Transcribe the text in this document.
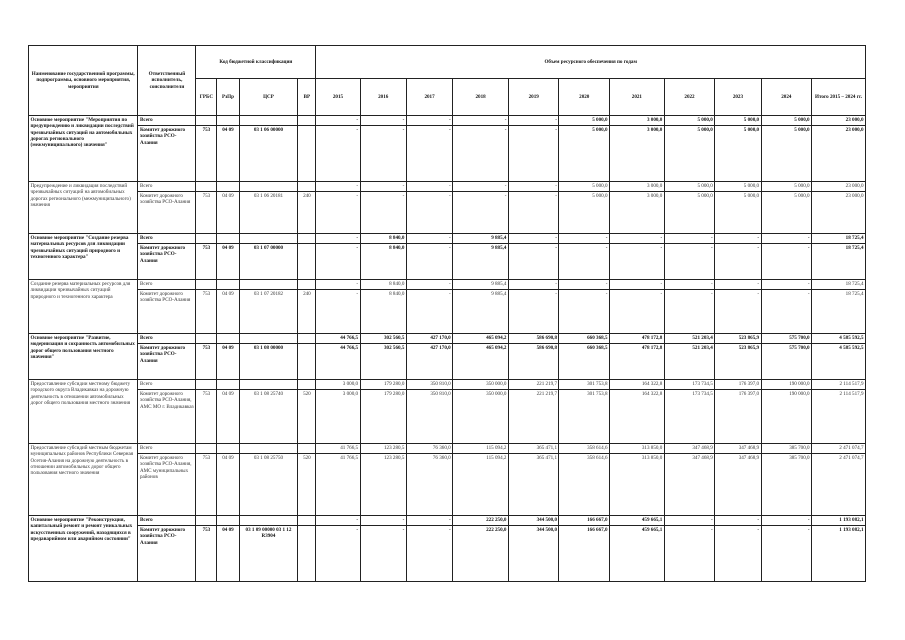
Наименование государственной программы, подпрограммы, основного мероприятия, мероприятия	Ответственный исполнитель, соисполнители	Код бюджетной классификации				Объем ресурсного обеспечения по годам										
		ГРБС	РзПр	ЦСР	ВР	2015	2016	2017	2018	2019	2020	2021	2022	2023	2024	Итого 2015 – 2024 гг.
Основное мероприятие "Мероприятия по предупреждению и ликвидации последствий чрезвычайных ситуаций на автомобильных дорогах регионального (межмуниципального) значения"	Всего					-	-	-	-	-	5 000,0	3 000,0	5 000,0	5 000,0	5 000,0	23 000,0
	Комитет дорожного хозяйства РСО-Алания	753	04 09	03 1 06 00000		-	-	-	-	-	5 000,0	3 000,0	5 000,0	5 000,0	5 000,0	23 000,0
Предупреждение и ликвидация последствий чрезвычайных ситуаций на автомобильных дорогах регионального (межмуниципального) значения	Всего					-	-	-	-	-	5 000,0	3 000,0	5 000,0	5 000,0	5 000,0	23 000,0
	Комитет дорожного хозяйства РСО-Алания	753	04 09	03 1 06 20181	240	-	-	-	-	-	5 000,0	3 000,0	5 000,0	5 000,0	5 000,0	23 000,0
Основное мероприятие "Создание резерва материальных ресурсов для ликвидации чрезвычайных ситуаций природного и техногенного характера"	Всего					-	8 840,0	-	9 885,4	-	-	-	-	-	-	18 725,4
	Комитет дорожного хозяйства РСО-Алания	753	04 09	03 1 07 00000		-	8 840,0	-	9 885,4	-	-	-	-	-	-	18 725,4
Создание резерва материальных ресурсов для ликвидации чрезвычайных ситуаций природного и техногенного характера	Всего					-	8 840,0	-	9 885,4	-	-	-	-	-	-	18 725,4
	Комитет дорожного хозяйства РСО-Алания	753	04 09	03 1 07 20182	240	-	8 840,0	-	9 885,4	-	-	-	-	-	-	18 725,4
Основное мероприятие "Развитие, модернизация и сохранность автомобильных дорог общего пользования местного значения"	Всего					44 766,5	302 560,5	427 170,0	465 094,2	586 690,8	660 368,5	478 172,8	521 203,4	523 865,9	575 700,0	4 585 592,5
	Комитет дорожного хозяйства РСО-Алания	753	04 09	03 1 08 00000		44 766,5	302 560,5	427 170,0	465 094,2	586 690,8	660 368,5	478 172,8	521 203,4	523 865,9	575 700,0	4 585 592,5
Предоставление субсидии местному бюджету городского округа Владикавказ на дорожную деятельность в отношении автомобильных дорог общего пользования местного значения	Всего					3 000,0	179 280,0	350 810,0	350 000,0	221 219,7	301 753,8	164 322,8	173 734,5	176 397,0	190 000,0	2 114 517,9
	Комитет дорожного хозяйства РСО-Алания, АМС МО г. Владикавказ	753	04 09	03 1 08 25740	520	3 000,0	179 280,0	350 810,0	350 000,0	221 219,7	301 753,8	164 322,8	173 734,5	176 397,0	190 000,0	2 114 517,9
Предоставление субсидий местным бюджетам муниципальных районов Республики Северная Осетия-Алания на дорожную деятельность в отношении автомобильных дорог общего пользования местного значения	Всего					41 766,5	123 280,5	76 360,0	115 094,2	365 471,1	358 614,6	313 850,0	347 468,9	347 468,9	385 700,0	2 471 074,7
	Комитет дорожного хозяйства РСО-Алания, АМС муниципальных районов	753	04 09	03 1 08 25750	520	41 766,5	123 280,5	76 360,0	115 094,2	365 471,1	358 614,6	313 850,0	347 468,9	347 468,9	385 700,0	2 471 074,7
Основное мероприятие "Реконструкция, капитальный ремонт и ремонт уникальных искусственных сооружений, находящихся в предаварийном или аварийном состоянии"	Всего					-	-	-	222 250,0	344 500,0	166 667,0	459 665,1	-	-	-	1 193 082,1
	Комитет дорожного хозяйства РСО-Алания	753	04 09	03 1 09 00000 03 1 12 R3904		-	-	-	222 250,0	344 500,0	166 667,0	459 665,1	-	-	-	1 193 082,1
